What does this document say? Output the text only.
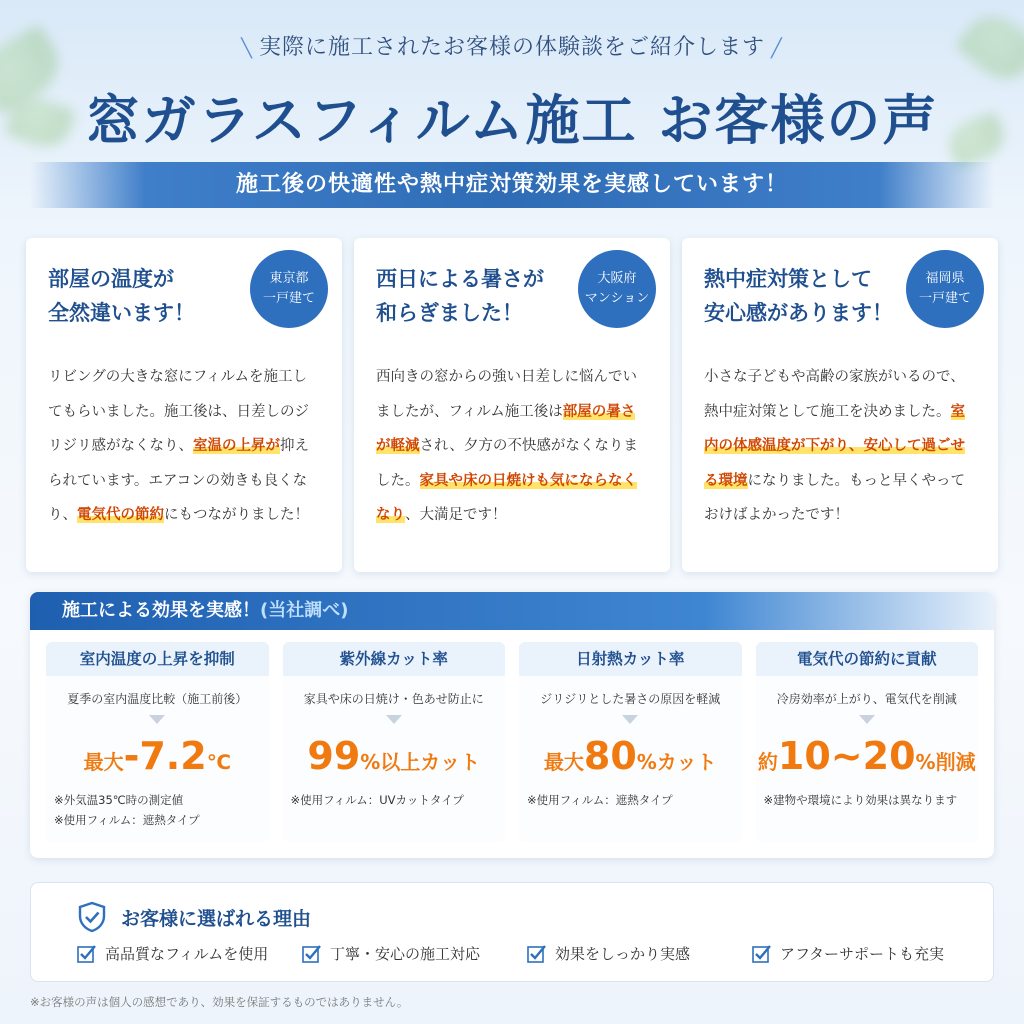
╲ 実際に施工されたお客様の体験談をご紹介します ╱
窓ガラスフィルム施工 お客様の声
施工後の快適性や熱中症対策効果を実感しています！
部屋の温度が
全然違います！
東京都
一戸建て
リビングの大きな窓にフィルムを施工してもらいました。施工後は、日差しのジリジリ感がなくなり、室温の上昇が抑えられています。エアコンの効きも良くなり、電気代の節約にもつながりました！
西日による暑さが
和らぎました！
大阪府
マンション
西向きの窓からの強い日差しに悩んでいましたが、フィルム施工後は部屋の暑さが軽減され、夕方の不快感がなくなりました。家具や床の日焼けも気にならなくなり、大満足です！
熱中症対策として
安心感があります！
福岡県
一戸建て
小さな子どもや高齢の家族がいるので、熱中症対策として施工を決めました。室内の体感温度が下がり、安心して過ごせる環境になりました。もっと早くやっておけばよかったです！
施工による効果を実感！(当社調べ)
室内温度の上昇を抑制
夏季の室内温度比較（施工前後）
最大-7.2℃
※外気温35℃時の測定値
※使用フィルム：遮熱タイプ
紫外線カット率
家具や床の日焼け・色あせ防止に
99%以上カット
※使用フィルム：UVカットタイプ
日射熱カット率
ジリジリとした暑さの原因を軽減
最大80%カット
※使用フィルム：遮熱タイプ
電気代の節約に貢献
冷房効率が上がり、電気代を削減
約10~20%削減
※建物や環境により効果は異なります
お客様に選ばれる理由
高品質なフィルムを使用	丁寧・安心の施工対応	効果をしっかり実感	アフターサポートも充実
※お客様の声は個人の感想であり、効果を保証するものではありません。
